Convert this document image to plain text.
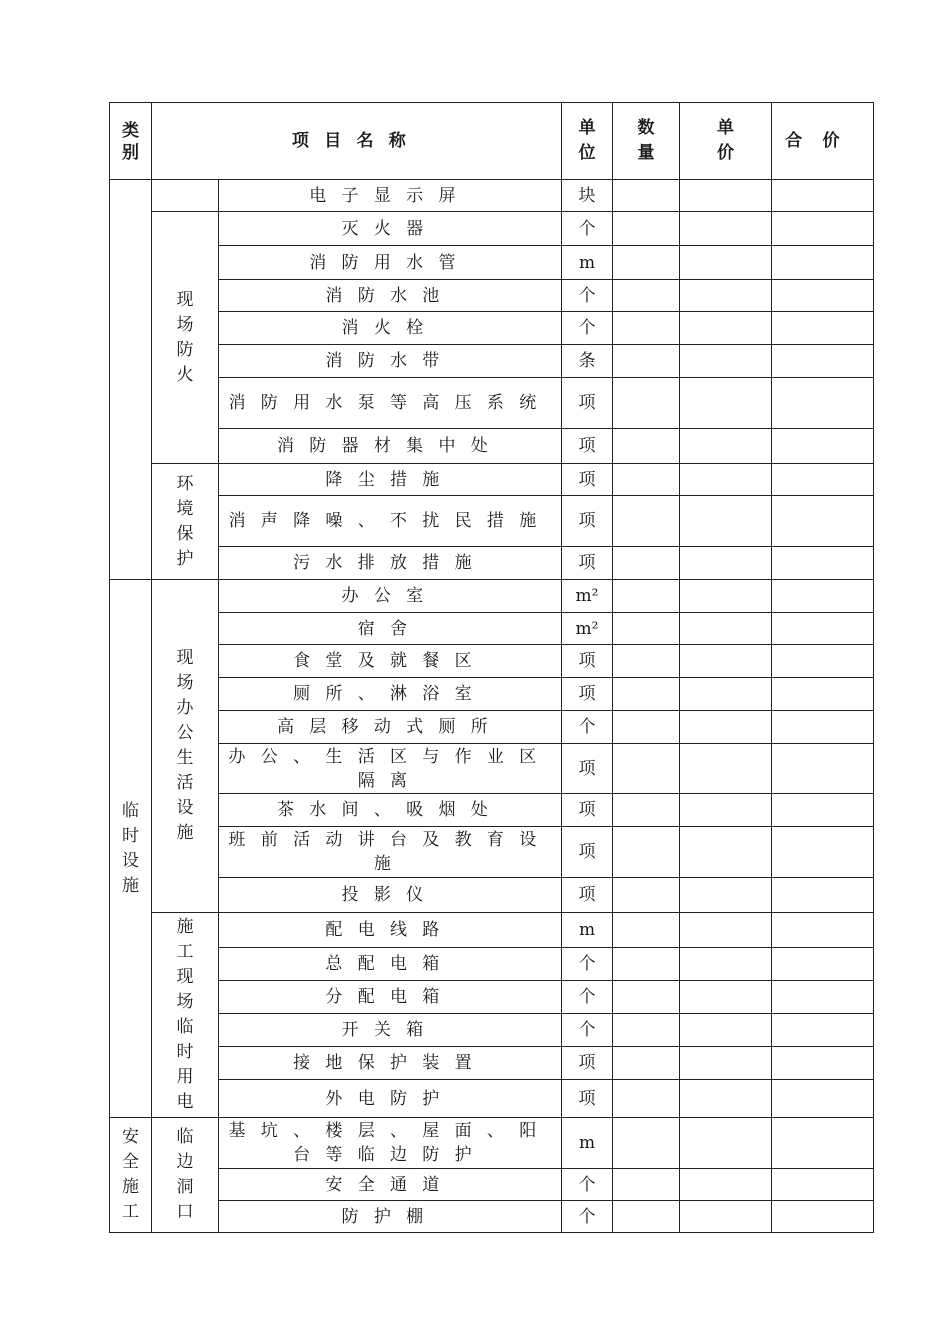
类别	项目名称		单位	数量	单价	合价
		电子显示屏	块			
	现场防火	灭火器	个			
		消防用水管	m			
		消防水池	个			
		消火栓	个			
		消防水带	条			
		消防用水泵等高压系统	项			
		消防器材集中处	项			
	环境保护	降尘措施	项			
		消声降噪、不扰民措施	项			
		污水排放措施	项			
临时设施	现场办公生活设施	办公室	m²			
		宿舍	m²			
		食堂及就餐区	项			
		厕所、淋浴室	项			
		高层移动式厕所	个			
		办公、生活区与作业区隔离	项			
		茶水间、吸烟处	项			
		班前活动讲台及教育设施	项			
		投影仪	项			
	施工现场临时用电	配电线路	m			
		总配电箱	个			
		分配电箱	个			
		开关箱	个			
		接地保护装置	项			
		外电防护	项			
安全施工	临边洞口	基坑、楼层、屋面、阳台等临边防护	m			
		安全通道	个			
		防护棚	个			
